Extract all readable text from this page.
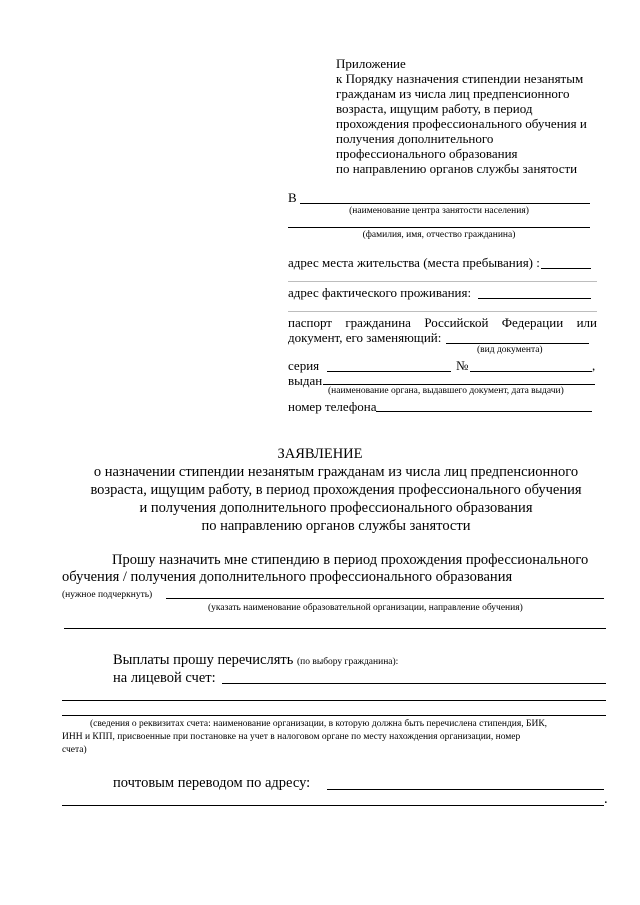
Приложение
к Порядку назначения стипендии незанятым
гражданам из числа лиц предпенсионного
возраста, ищущим работу, в период
прохождения профессионального обучения и
получения дополнительного
профессионального образования
по направлению органов службы занятости
В
(наименование центра занятости населения)
(фамилия, имя, отчество гражданина)
адрес места жительства (места пребывания) :
адрес фактического проживания:
паспорт гражданина Российской Федерации или
документ, его заменяющий:
(вид документа)
серия	№	,
выдан
(наименование органа, выдавшего документ, дата выдачи)
номер телефона
ЗАЯВЛЕНИЕ
о назначении стипендии незанятым гражданам из числа лиц предпенсионного
возраста, ищущим работу, в период прохождения профессионального обучения
и получения дополнительного профессионального образования
по направлению органов службы занятости
Прошу назначить мне стипендию в период прохождения профессионального
обучения / получения дополнительного профессионального образования
(нужное подчеркнуть)
(указать наименование образовательной организации, направление обучения)
Выплаты прошу перечислять (по выбору гражданина):
на лицевой счет:
(сведения о реквизитах счета: наименование организации, в которую должна быть перечислена стипендия, БИК,
ИНН и КПП, присвоенные при постановке на учет в налоговом органе по месту нахождения организации, номер
счета)
почтовым переводом по адресу:
.
